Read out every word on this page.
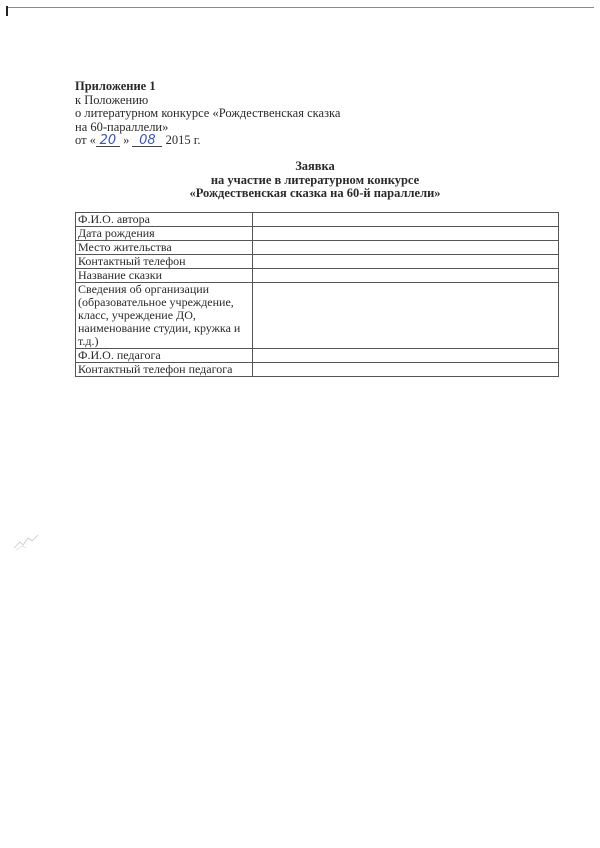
Приложение 1
к Положению
о литературном конкурсе «Рождественская сказка
на 60-параллели»
от « 20 » 08 2015 г.
Заявка
на участие в литературном конкурсе
«Рождественская сказка на 60-й параллели»
Ф.И.О. автора	
Дата рождения	
Место жительства	
Контактный телефон	
Название сказки	
Сведения об организации (образовательное учреждение, класс, учреждение ДО, наименование студии, кружка и т.д.)	
Ф.И.О. педагога	
Контактный телефон педагога	
